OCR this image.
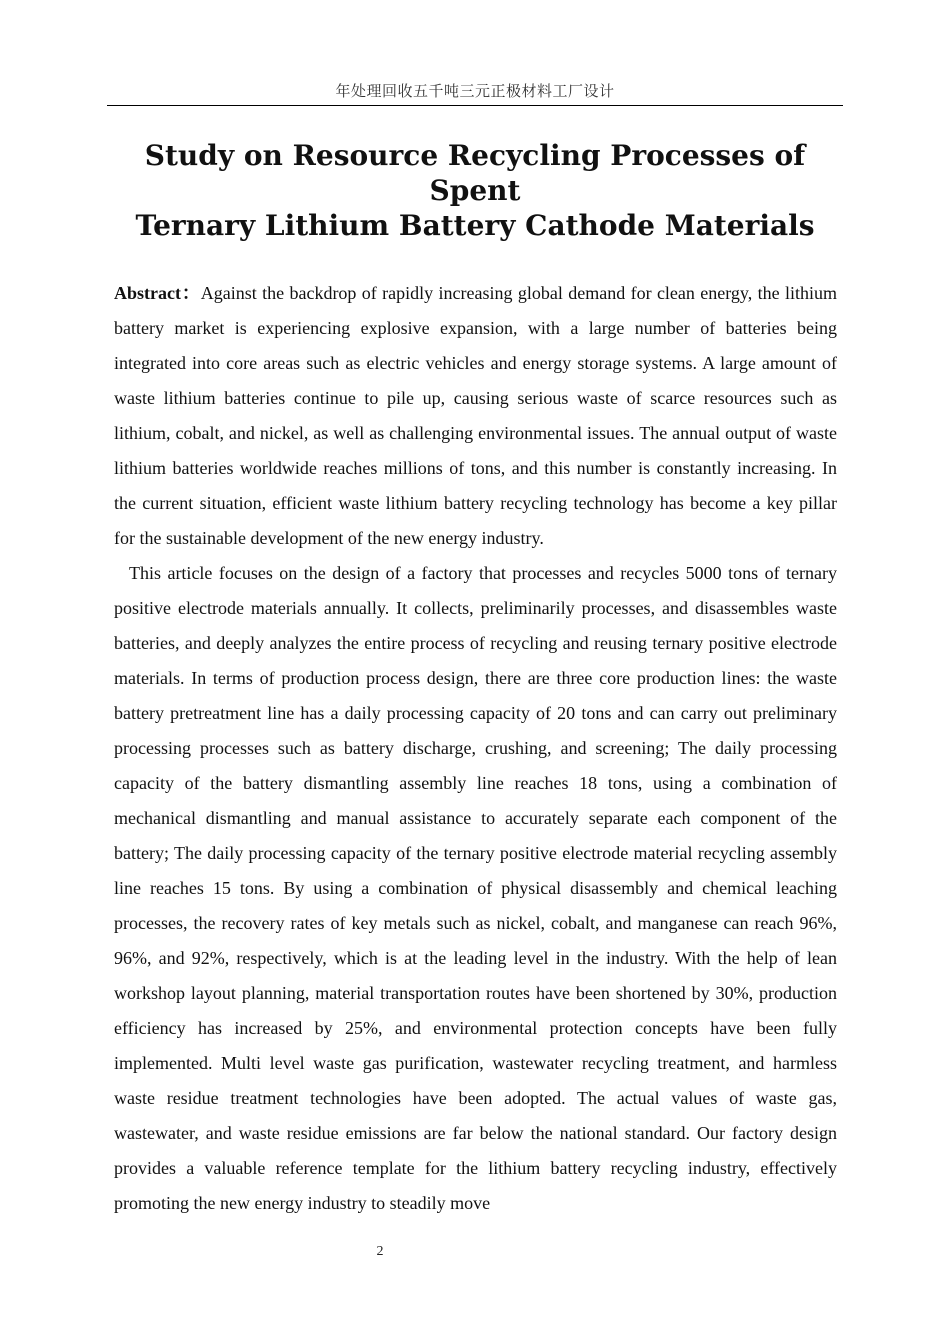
年处理回收五千吨三元正极材料工厂设计
Study on Resource Recycling Processes of Spent
Ternary Lithium Battery Cathode Materials

Abstract：Against the backdrop of rapidly increasing global demand for clean energy, the lithium battery market is experiencing explosive expansion, with a large number of batteries being integrated into core areas such as electric vehicles and energy storage systems. A large amount of waste lithium batteries continue to pile up, causing serious waste of scarce resources such as lithium, cobalt, and nickel, as well as challenging environmental issues. The annual output of waste lithium batteries worldwide reaches millions of tons, and this number is constantly increasing. In the current situation, efficient waste lithium battery recycling technology has become a key pillar for the sustainable development of the new energy industry.

This article focuses on the design of a factory that processes and recycles 5000 tons of ternary positive electrode materials annually. It collects, preliminarily processes, and disassembles waste batteries, and deeply analyzes the entire process of recycling and reusing ternary positive electrode materials. In terms of production process design, there are three core production lines: the waste battery pretreatment line has a daily processing capacity of 20 tons and can carry out preliminary processing processes such as battery discharge, crushing, and screening; The daily processing capacity of the battery dismantling assembly line reaches 18 tons, using a combination of mechanical dismantling and manual assistance to accurately separate each component of the battery; The daily processing capacity of the ternary positive electrode material recycling assembly line reaches 15 tons. By using a combination of physical disassembly and chemical leaching processes, the recovery rates of key metals such as nickel, cobalt, and manganese can reach 96%, 96%, and 92%, respectively, which is at the leading level in the industry. With the help of lean workshop layout planning, material transportation routes have been shortened by 30%, production efficiency has increased by 25%, and environmental protection concepts have been fully implemented. Multi level waste gas purification, wastewater recycling treatment, and harmless waste residue treatment technologies have been adopted. The actual values of waste gas, wastewater, and waste residue emissions are far below the national standard. Our factory design provides a valuable reference template for the lithium battery recycling industry, effectively promoting the new energy industry to steadily move

2
